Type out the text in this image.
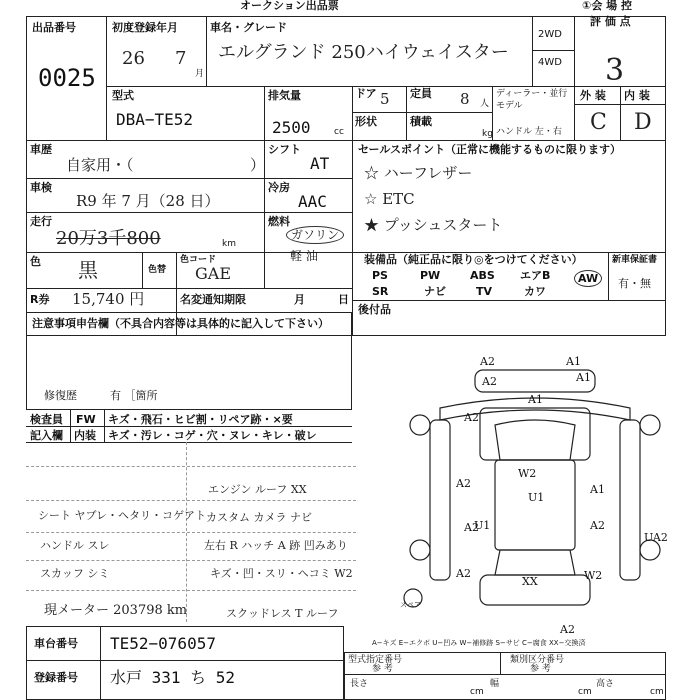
オークション出品票	①会 場 控
出品番号
0025
初度登録年月
26 7
月
車名・グレード
エルグランド 250ハイウェイスター
2WD
4WD
評 価 点
3
型式
DBA−TE52
排気量
2500	cc
ドア 5 定員 8 人
形状	積載
kg
ディーラー・並行
モデル
ハンドル 左・右
外 装 内 装
C D
車歴
自家用・（	）
シフト
AT
車検
R9 年 7 月（28 日）
冷房
AAC
走行
20万3千800	km
燃料
ガソリン
軽 油
色 黒	色替
色コード
GAE
R券 15,740 円	名変通知期限	月	日
セールスポイント（正常に機能するものに限ります）
☆ ハーフレザー
☆ ETC
★ プッシュスタート
装備品（純正品に限り◎をつけてください）	新車保証書
有・無
PS	PW	ABS エアB	AW
SR	ナビ	TV	カワ
後付品
注意事項申告欄（不具合内容等は具体的に記入して下さい）
修復歴	有 ［箇所
検査員
記入欄
FW キズ・飛石・ヒビ割・リペア跡・×要
内装 キズ・汚レ・コゲ・穴・ヌレ・キレ・破レ
エンジン ルーフ XX
シート ヤブレ・ヘタリ・コゲアト
ハンドル スレ
スカッフ シミ
カスタム カメラ ナビ
左右 R ハッチ A 跡 凹みあり
キズ・凹・スリ・ヘコミ W2
現メーター 203798 km	スクッドレス T ルーフ
A2	A1
A1
A2
A2
A1
W2
U1
A2
A2
A1
U1	A2
UA2
XX
A2	W2
A2
スペア
車台番号 TE52−076057
登録番号 水戸 331 ち 52
A−キズ E−エクボ U−凹み W−補修跡 S−サビ C−腐食 XX−交換済
型式指定番号
参 考
類別区分番号
参 考
長さ
cm
幅
cm
高さ
cm
